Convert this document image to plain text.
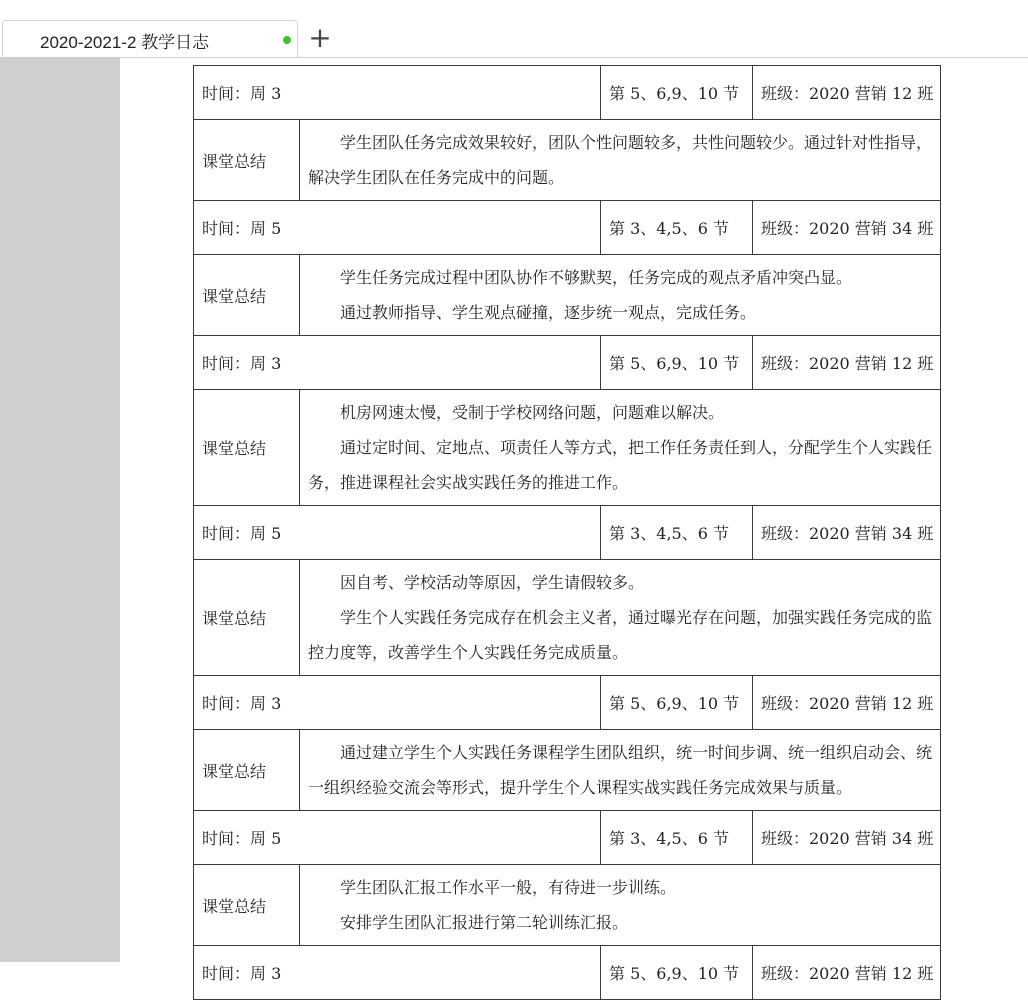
2020-2021-2 教学日志	+
时间：周 3		第 5、6,9、10 节	班级：2020 营销 12 班
课堂总结	学生团队任务完成效果较好，团队个性问题较多，共性问题较少。通过针对性指导，解决学生团队在任务完成中的问题。		

时间：周 5		第 3、4,5、6 节	班级：2020 营销 34 班
课堂总结	学生任务完成过程中团队协作不够默契，任务完成的观点矛盾冲突凸显。

通过教师指导、学生观点碰撞，逐步统一观点，完成任务。		

时间：周 3		第 5、6,9、10 节	班级：2020 营销 12 班
课堂总结	机房网速太慢，受制于学校网络问题，问题难以解决。

通过定时间、定地点、项责任人等方式，把工作任务责任到人，分配学生个人实践任务，推进课程社会实战实践任务的推进工作。		

时间：周 5		第 3、4,5、6 节	班级：2020 营销 34 班
课堂总结	因自考、学校活动等原因，学生请假较多。

学生个人实践任务完成存在机会主义者，通过曝光存在问题，加强实践任务完成的监控力度等，改善学生个人实践任务完成质量。		

时间：周 3		第 5、6,9、10 节	班级：2020 营销 12 班
课堂总结	通过建立学生个人实践任务课程学生团队组织，统一时间步调、统一组织启动会、统一组织经验交流会等形式，提升学生个人课程实战实践任务完成效果与质量。		

时间：周 5		第 3、4,5、6 节	班级：2020 营销 34 班
课堂总结	学生团队汇报工作水平一般，有待进一步训练。

安排学生团队汇报进行第二轮训练汇报。		

时间：周 3		第 5、6,9、10 节	班级：2020 营销 12 班
